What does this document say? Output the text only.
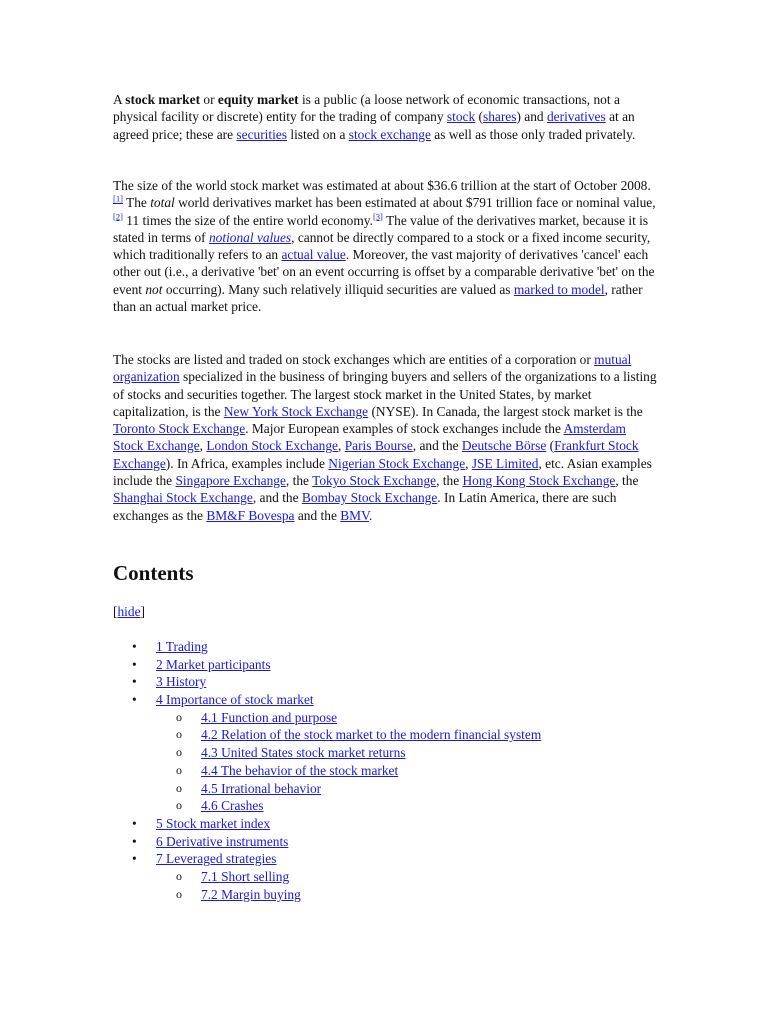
A stock market or equity market is a public (a loose network of economic transactions, not a physical facility or discrete) entity for the trading of company stock (shares) and derivatives at an agreed price; these are securities listed on a stock exchange as well as those only traded privately.

The size of the world stock market was estimated at about $36.6 trillion at the start of October 2008.[1] The total world derivatives market has been estimated at about $791 trillion face or nominal value,[2] 11 times the size of the entire world economy.[3] The value of the derivatives market, because it is stated in terms of notional values, cannot be directly compared to a stock or a fixed income security, which traditionally refers to an actual value. Moreover, the vast majority of derivatives 'cancel' each other out (i.e., a derivative 'bet' on an event occurring is offset by a comparable derivative 'bet' on the event not occurring). Many such relatively illiquid securities are valued as marked to model, rather than an actual market price.

The stocks are listed and traded on stock exchanges which are entities of a corporation or mutual organization specialized in the business of bringing buyers and sellers of the organizations to a listing of stocks and securities together. The largest stock market in the United States, by market capitalization, is the New York Stock Exchange (NYSE). In Canada, the largest stock market is the Toronto Stock Exchange. Major European examples of stock exchanges include the Amsterdam Stock Exchange, London Stock Exchange, Paris Bourse, and the Deutsche Börse (Frankfurt Stock Exchange). In Africa, examples include Nigerian Stock Exchange, JSE Limited, etc. Asian examples include the Singapore Exchange, the Tokyo Stock Exchange, the Hong Kong Stock Exchange, the Shanghai Stock Exchange, and the Bombay Stock Exchange. In Latin America, there are such exchanges as the BM&F Bovespa and the BMV.

Contents
[hide]
• 1 Trading
• 2 Market participants
• 3 History
• 4 Importance of stock market
o 4.1 Function and purpose
o 4.2 Relation of the stock market to the modern financial system
o 4.3 United States stock market returns
o 4.4 The behavior of the stock market
o 4.5 Irrational behavior
o 4.6 Crashes
• 5 Stock market index
• 6 Derivative instruments
• 7 Leveraged strategies
o 7.1 Short selling
o 7.2 Margin buying
